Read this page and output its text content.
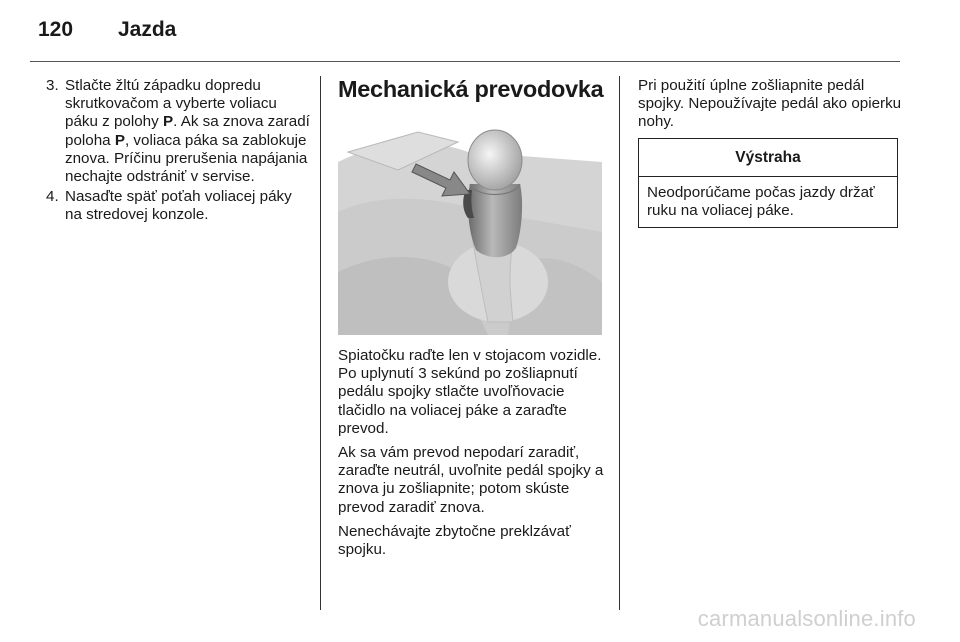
120 Jazda
3. Stlačte žltú západku dopredu skrutkovačom a vyberte voliacu páku z polohy P. Ak sa znova zaradí poloha P, voliaca páka sa zablokuje znova. Príčinu prerušenia napájania nechajte odstrániť v servise.
4. Nasaďte späť poťah voliacej páky na stredovej konzole.
Mechanická prevodovka

Spiatočku raďte len v stojacom vozidle. Po uplynutí 3 sekúnd po zošliapnutí pedálu spojky stlačte uvoľňovacie tlačidlo na voliacej páke a zaraďte prevod.

Ak sa vám prevod nepodarí zaradiť, zaraďte neutrál, uvoľnite pedál spojky a znova ju zošliapnite; potom skúste prevod zaradiť znova.

Nenechávajte zbytočne preklzávať spojku.

Pri použití úplne zošliapnite pedál spojky. Nepoužívajte pedál ako opierku nohy.

Výstraha
Neodporúčame počas jazdy držať ruku na voliacej páke.
carmanualsonline.info
